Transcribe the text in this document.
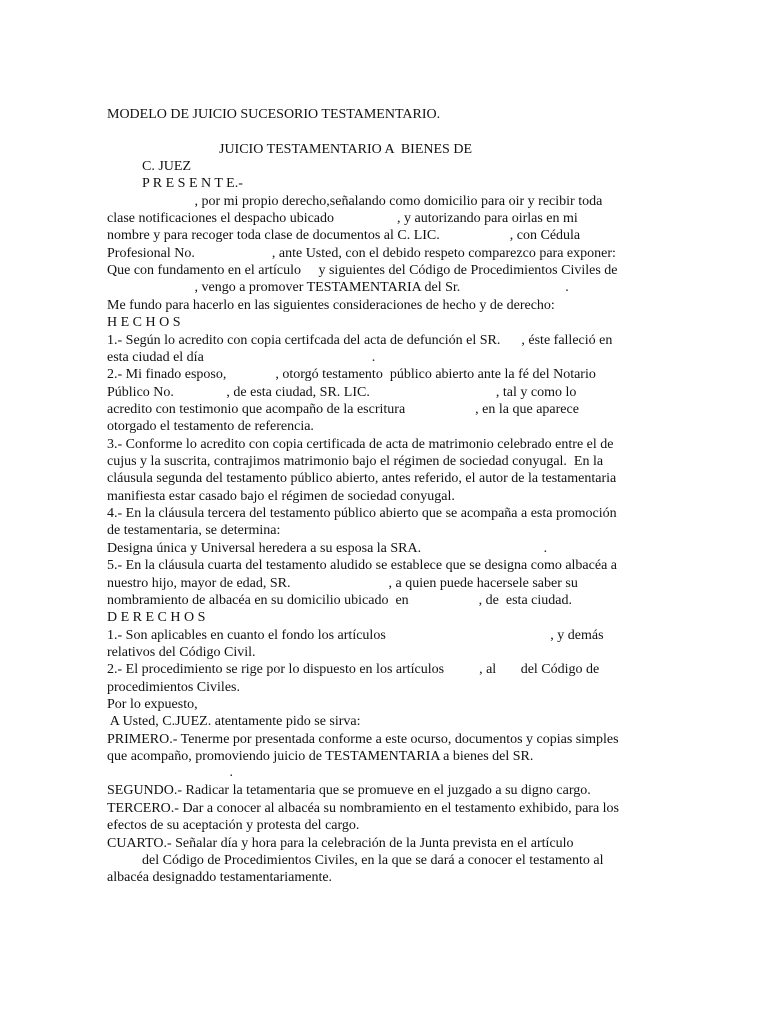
MODELO DE JUICIO SUCESORIO TESTAMENTARIO.

JUICIO TESTAMENTARIO A  BIENES DE

C. JUEZ

P R E S E N T E.-

, por mi propio derecho,señalando como domicilio para oir y recibir toda

clase notificaciones el despacho ubicado                  , y autorizando para oirlas en mi

nombre y para recoger toda clase de documentos al C. LIC.                    , con Cédula

Profesional No.                      , ante Usted, con el debido respeto comparezco para exponer:

Que con fundamento en el artículo     y siguientes del Código de Procedimientos Civiles de

, vengo a promover TESTAMENTARIA del Sr.                              .

Me fundo para hacerlo en las siguientes consideraciones de hecho y de derecho:

H E C H O S

1.- Según lo acredito con copia certifcada del acta de defunción el SR.      , éste falleció en

esta ciudad el día                                                .

2.- Mi finado esposo,              , otorgó testamento  público abierto ante la fé del Notario

Público No.               , de esta ciudad, SR. LIC.                                    , tal y como lo

acredito con testimonio que acompaño de la escritura                    , en la que aparece

otorgado el testamento de referencia.

3.- Conforme lo acredito con copia certificada de acta de matrimonio celebrado entre el de

cujus y la suscrita, contrajimos matrimonio bajo el régimen de sociedad conyugal.  En la

cláusula segunda del testamento público abierto, antes referido, el autor de la testamentaria

manifiesta estar casado bajo el régimen de sociedad conyugal.

4.- En la cláusula tercera del testamento público abierto que se acompaña a esta promoción

de testamentaria, se determina:

Designa única y Universal heredera a su esposa la SRA.                                   .

5.- En la cláusula cuarta del testamento aludido se establece que se designa como albacéa a

nuestro hijo, mayor de edad, SR.                            , a quien puede hacersele saber su

nombramiento de albacéa en su domicilio ubicado  en                    , de  esta ciudad.

D E R E C H O S

1.- Son aplicables en cuanto el fondo los artículos                                               , y demás

relativos del Código Civil.

2.- El procedimiento se rige por lo dispuesto en los artículos          , al       del Código de

procedimientos Civiles.

Por lo expuesto,

A Usted, C.JUEZ. atentamente pido se sirva:

PRIMERO.- Tenerme por presentada conforme a este ocurso, documentos y copias simples

que acompaño, promoviendo juicio de TESTAMENTARIA a bienes del SR.

.

SEGUNDO.- Radicar la tetamentaria que se promueve en el juzgado a su digno cargo.

TERCERO.- Dar a conocer al albacéa su nombramiento en el testamento exhibido, para los

efectos de su aceptación y protesta del cargo.

CUARTO.- Señalar día y hora para la celebración de la Junta prevista en el artículo

del Código de Procedimientos Civiles, en la que se dará a conocer el testamento al

albacéa designaddo testamentariamente.
